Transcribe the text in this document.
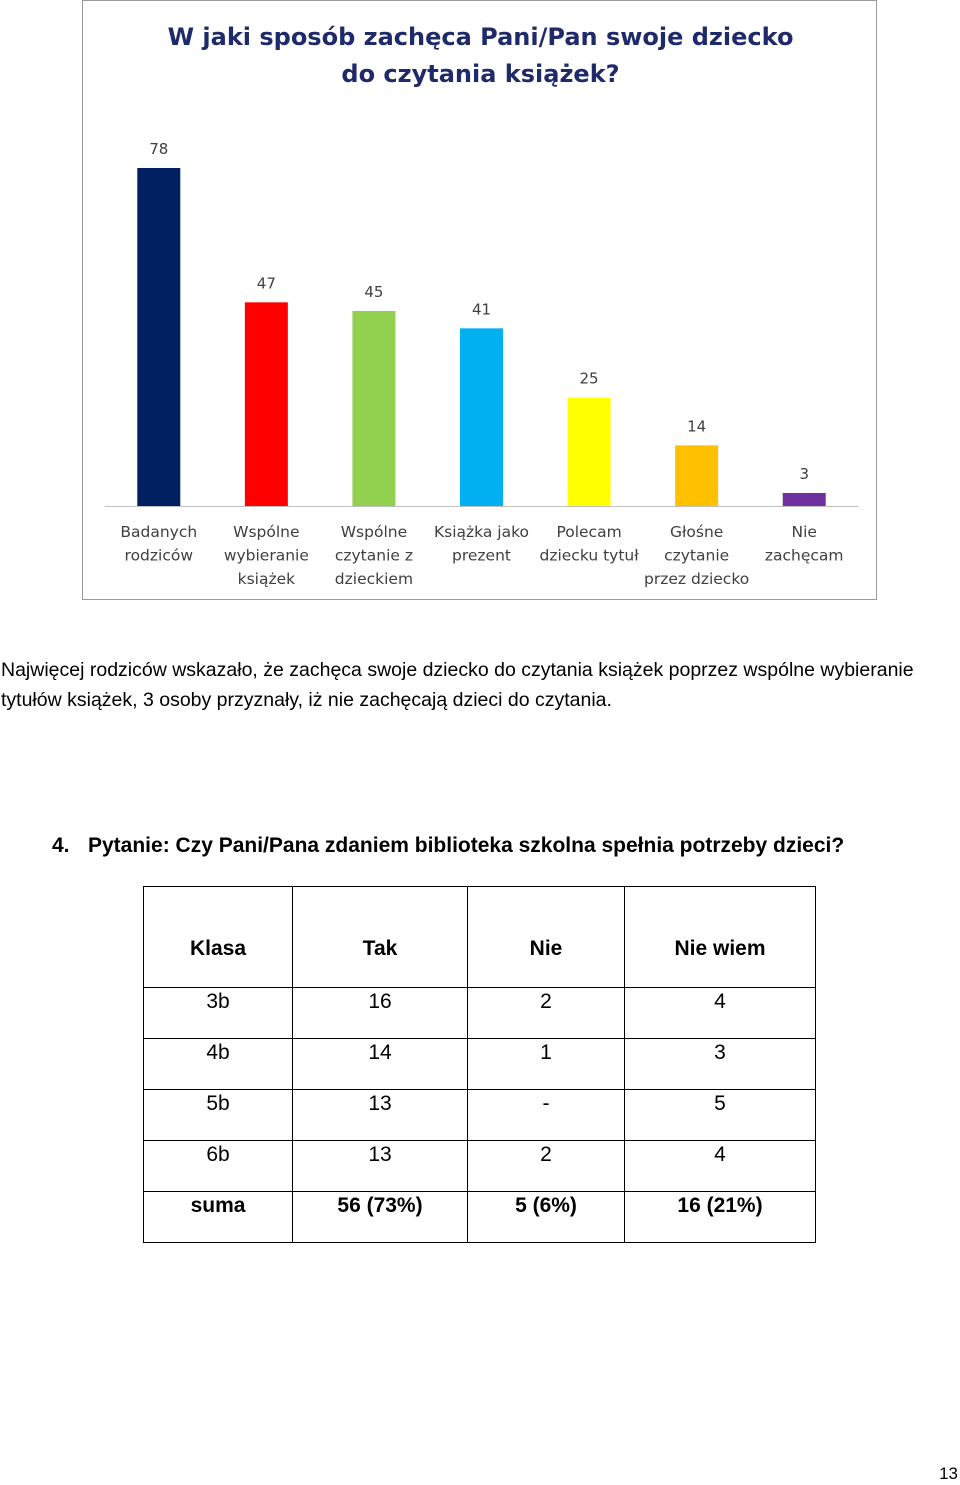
W jaki sposób zachęca Pani/Pan swoje dziecko
do czytania książek?
78
Badanych rodziców
47
Wspólne wybieranie książek
45
Wspólne czytanie z dzieckiem
41
Książka jako prezent
25
Polecam dziecku tytuł
14
Głośne czytanie przez dziecko
3
Nie zachęcam

Najwięcej rodziców wskazało, że zachęca swoje dziecko do czytania książek poprzez wspólne wybieranie tytułów książek, 3 osoby przyznały, iż nie zachęcają dzieci do czytania.

4. Pytanie: Czy Pani/Pana zdaniem biblioteka szkolna spełnia potrzeby dzieci?
Klasa	Tak	Nie	Nie wiem
3b	16	2	4
4b	14	1	3
5b	13	-	5
6b	13	2	4
suma	56 (73%)	5 (6%)	16 (21%)

13
